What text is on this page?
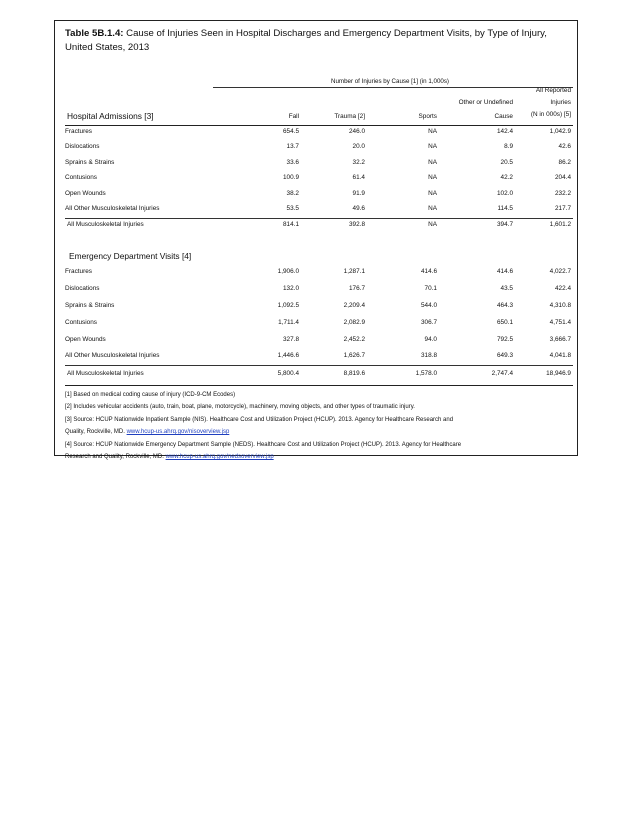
Table 5B.1.4: Cause of Injuries Seen in Hospital Discharges and Emergency Department Visits, by Type of Injury, United States, 2013
Number of Injuries by Cause [1] (in 1,000s)
Fall	Trauma [2]	Sports
Other or Undefined
Cause
All Reported
Injuries
(N in 000s) [5]
Hospital Admissions [3]
Fractures	654.5	246.0	NA	142.4	1,042.9
Dislocations	13.7	20.0	NA	8.9	42.6
Sprains & Strains	33.6	32.2	NA	20.5	86.2
Contusions	100.9	61.4	NA	42.2	204.4
Open Wounds	38.2	91.9	NA	102.0	232.2
All Other Musculoskeletal Injuries	53.5	49.6	NA	114.5	217.7
All Musculoskeletal Injuries	814.1	392.8	NA	394.7	1,601.2
Emergency Department Visits [4]
Fractures	1,906.0	1,287.1	414.6	414.6	4,022.7
Dislocations	132.0	176.7	70.1	43.5	422.4
Sprains & Strains	1,092.5	2,209.4	544.0	464.3	4,310.8
Contusions	1,711.4	2,082.9	306.7	650.1	4,751.4
Open Wounds	327.8	2,452.2	94.0	792.5	3,666.7
All Other Musculoskeletal Injuries	1,446.6	1,626.7	318.8	649.3	4,041.8
All Musculoskeletal Injuries	5,800.4	8,819.6	1,578.0	2,747.4	18,946.9
[1] Based on medical coding cause of injury (ICD-9-CM Ecodes)
[2] Includes vehicular accidents (auto, train, boat, plane, motorcycle), machinery, moving objects, and other types of traumatic injury.
[3] Source: HCUP Nationwide Inpatient Sample (NIS). Healthcare Cost and Utilization Project (HCUP). 2013. Agency for Healthcare Research and
Quality, Rockville, MD. www.hcup-us.ahrq.gov/nisoverview.jsp
[4] Source: HCUP Nationwide Emergency Department Sample (NEDS). Healthcare Cost and Utilization Project (HCUP). 2013. Agency for Healthcare
Research and Quality, Rockville, MD. www.hcup-us.ahrq.gov/nedsoverview.jsp
